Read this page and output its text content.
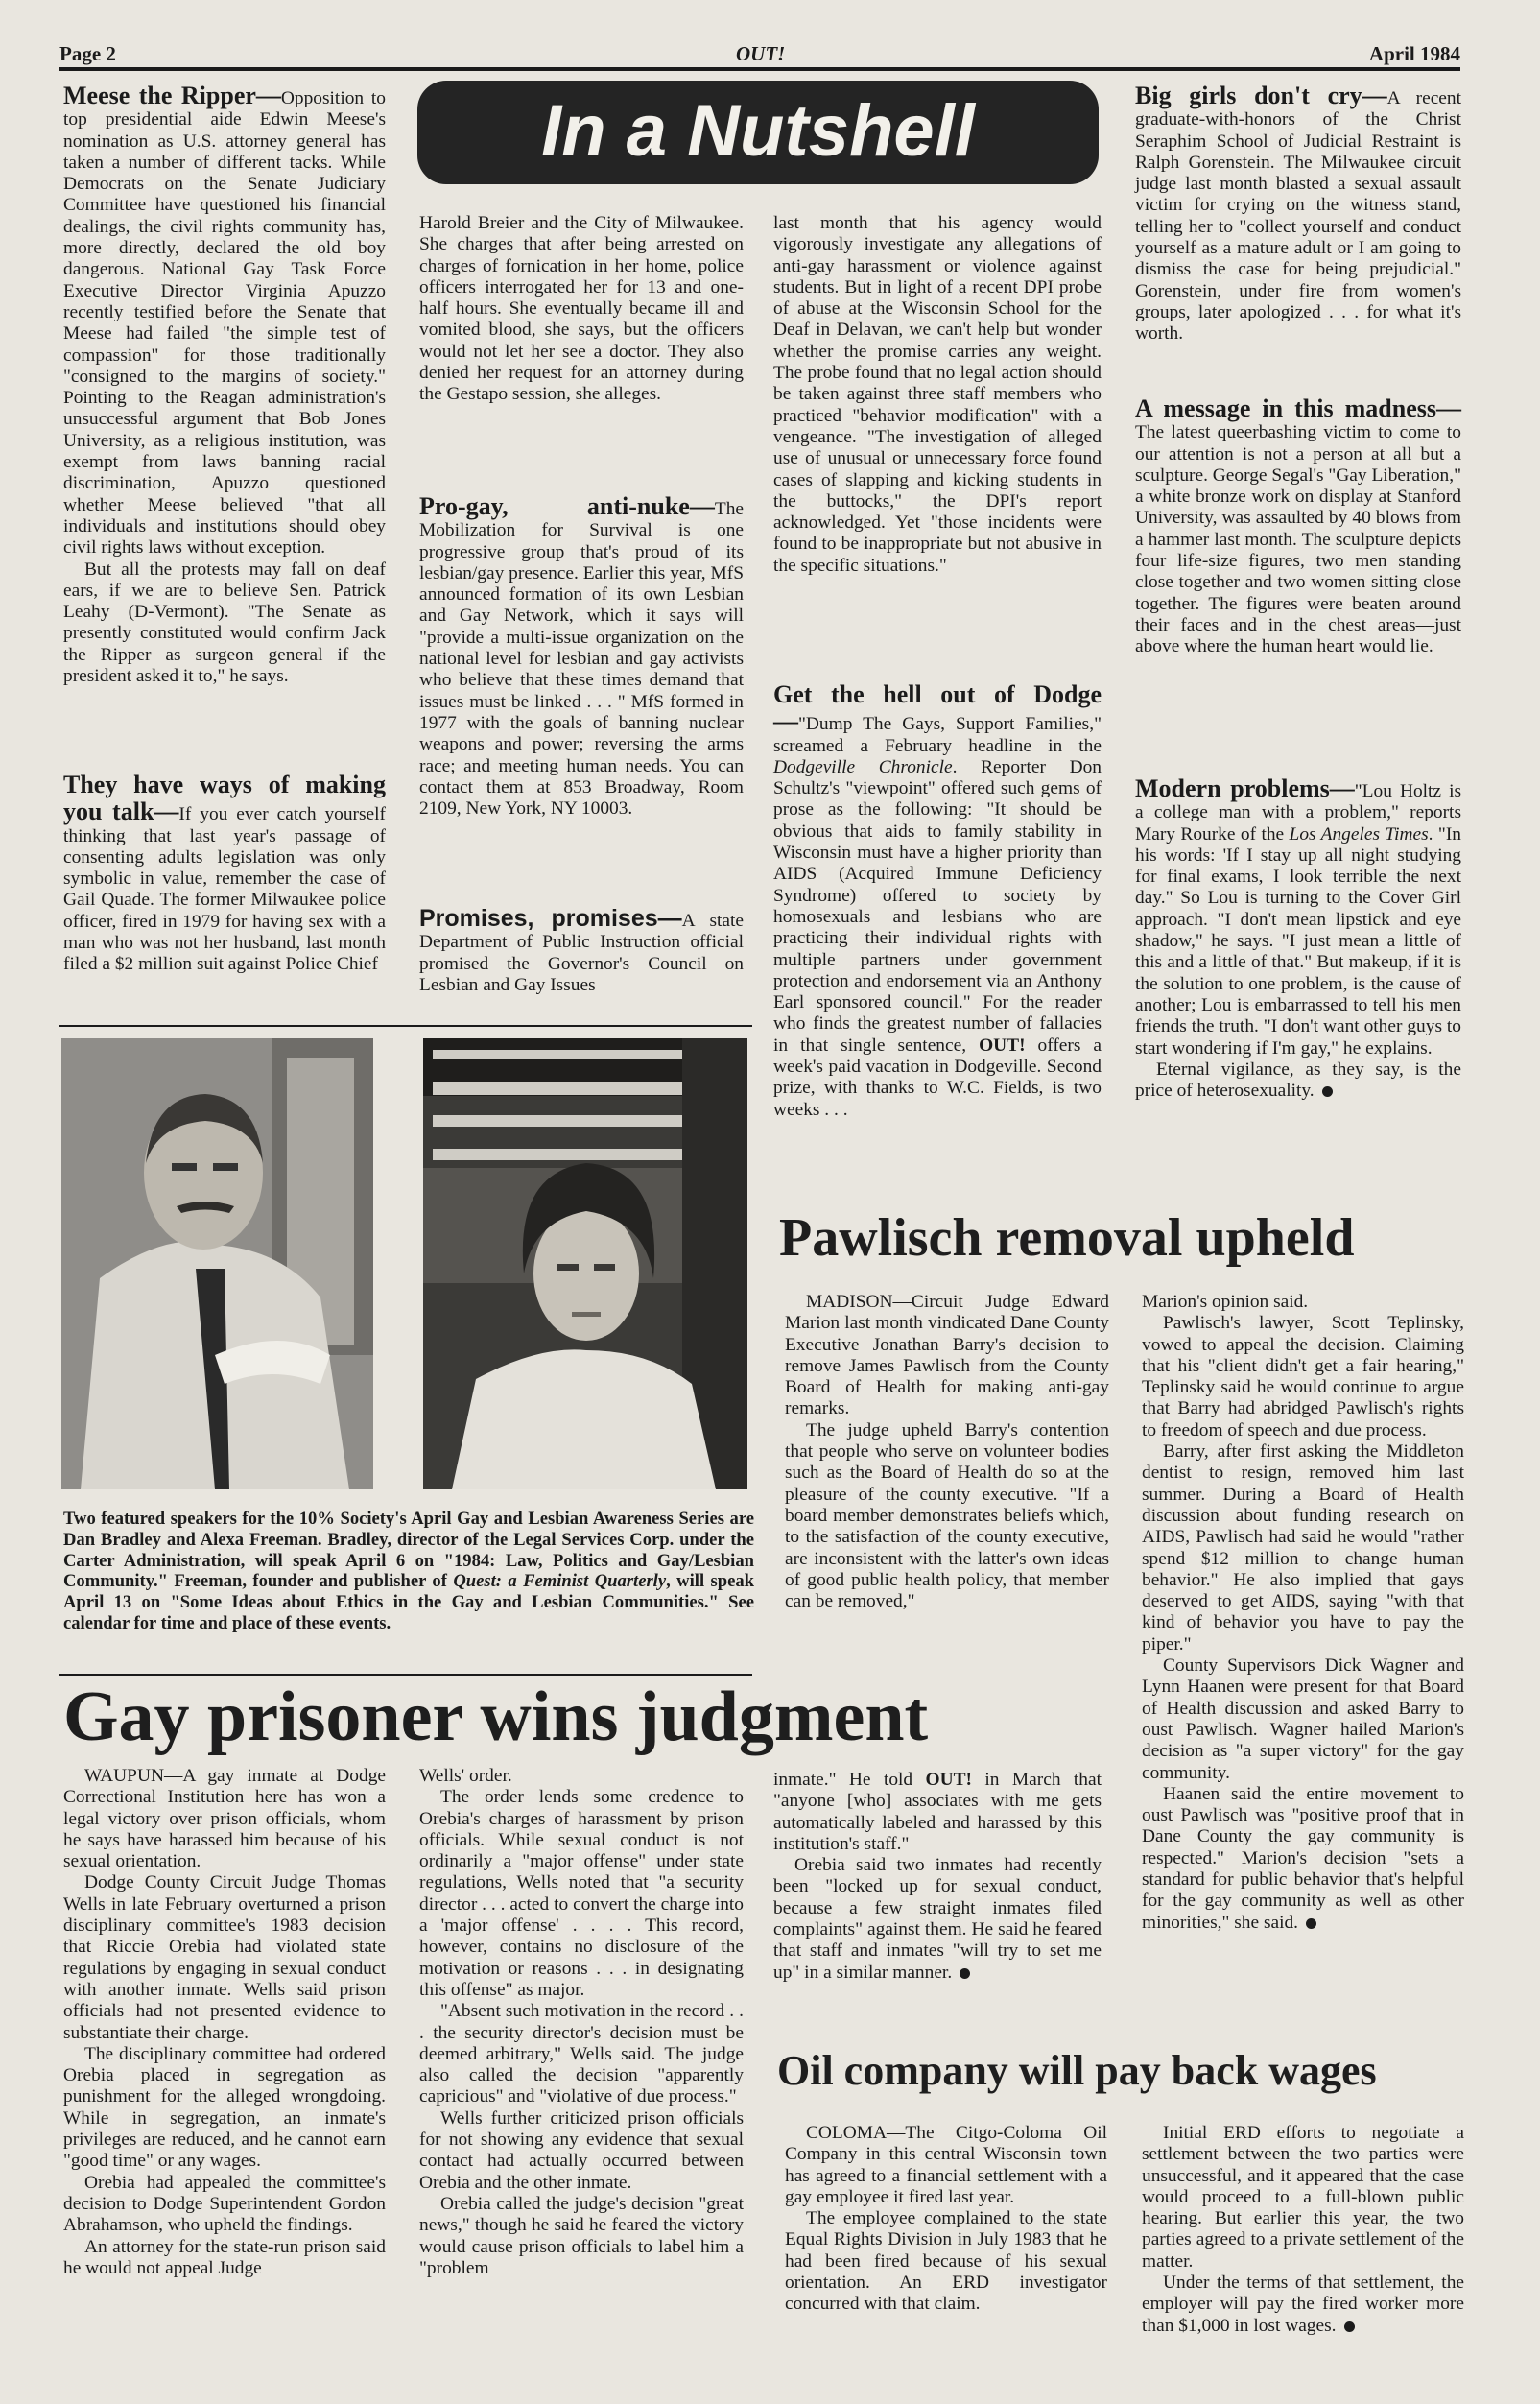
Page 2	OUT!	April 1984
In a Nutshell

Meese the Ripper—Opposition to top presidential aide Edwin Meese's nomination as U.S. attorney general has taken a number of different tacks. While Democrats on the Senate Judiciary Committee have questioned his financial dealings, the civil rights community has, more directly, declared the old boy dangerous. National Gay Task Force Executive Director Virginia Apuzzo recently testified before the Senate that Meese had failed "the simple test of compassion" for those traditionally "consigned to the margins of society." Pointing to the Reagan administration's unsuccessful argument that Bob Jones University, as a religious institution, was exempt from laws banning racial discrimination, Apuzzo questioned whether Meese believed "that all individuals and institutions should obey civil rights laws without exception.

But all the protests may fall on deaf ears, if we are to believe Sen. Patrick Leahy (D-Vermont). "The Senate as presently constituted would confirm Jack the Ripper as surgeon general if the president asked it to," he says.

They have ways of making you talk—If you ever catch yourself thinking that last year's passage of consenting adults legislation was only symbolic in value, remember the case of Gail Quade. The former Milwaukee police officer, fired in 1979 for having sex with a man who was not her husband, last month filed a $2 million suit against Police Chief

Harold Breier and the City of Milwaukee. She charges that after being arrested on charges of fornication in her home, police officers interrogated her for 13 and one-half hours. She eventually became ill and vomited blood, she says, but the officers would not let her see a doctor. They also denied her request for an attorney during the Gestapo session, she alleges.

Pro-gay, anti-nuke—The Mobilization for Survival is one progressive group that's proud of its lesbian/gay presence. Earlier this year, MfS announced formation of its own Lesbian and Gay Network, which it says will "provide a multi-issue organization on the national level for lesbian and gay activists who believe that these times demand that issues must be linked . . . " MfS formed in 1977 with the goals of banning nuclear weapons and power; reversing the arms race; and meeting human needs. You can contact them at 853 Broadway, Room 2109, New York, NY 10003.

Promises, promises—A state Department of Public Instruction official promised the Governor's Council on Lesbian and Gay Issues

last month that his agency would vigorously investigate any allegations of anti-gay harassment or violence against students. But in light of a recent DPI probe of abuse at the Wisconsin School for the Deaf in Delavan, we can't help but wonder whether the promise carries any weight. The probe found that no legal action should be taken against three staff members who practiced "behavior modification" with a vengeance. "The investigation of alleged use of unusual or unnecessary force found cases of slapping and kicking students in the buttocks," the DPI's report acknowledged. Yet "those incidents were found to be inappropriate but not abusive in the specific situations."

Get the hell out of Dodge—"Dump The Gays, Support Families," screamed a February headline in the Dodgeville Chronicle. Reporter Don Schultz's "viewpoint" offered such gems of prose as the following: "It should be obvious that aids to family stability in Wisconsin must have a higher priority than AIDS (Acquired Immune Deficiency Syndrome) offered to society by homosexuals and lesbians who are practicing their individual rights with multiple partners under government protection and endorsement via an Anthony Earl sponsored council." For the reader who finds the greatest number of fallacies in that single sentence, OUT! offers a week's paid vacation in Dodgeville. Second prize, with thanks to W.C. Fields, is two weeks . . .

Big girls don't cry—A recent graduate-with-honors of the Christ Seraphim School of Judicial Restraint is Ralph Gorenstein. The Milwaukee circuit judge last month blasted a sexual assault victim for crying on the witness stand, telling her to "collect yourself and conduct yourself as a mature adult or I am going to dismiss the case for being prejudicial." Gorenstein, under fire from women's groups, later apologized . . . for what it's worth.

A message in this madness—The latest queerbashing victim to come to our attention is not a person at all but a sculpture. George Segal's "Gay Liberation," a white bronze work on display at Stanford University, was assaulted by 40 blows from a hammer last month. The sculpture depicts four life-size figures, two men standing close together and two women sitting close together. The figures were beaten around their faces and in the chest areas—just above where the human heart would lie.

Modern problems—"Lou Holtz is a college man with a problem," reports Mary Rourke of the Los Angeles Times. "In his words: 'If I stay up all night studying for final exams, I look terrible the next day." So Lou is turning to the Cover Girl approach. "I don't mean lipstick and eye shadow," he says. "I just mean a little of this and a little of that." But makeup, if it is the solution to one problem, is the cause of another; Lou is embarrassed to tell his men friends the truth. "I don't want other guys to start wondering if I'm gay," he explains.

Eternal vigilance, as they say, is the price of heterosexuality.

Two featured speakers for the 10% Society's April Gay and Lesbian Awareness Series are Dan Bradley and Alexa Freeman. Bradley, director of the Legal Services Corp. under the Carter Administration, will speak April 6 on "1984: Law, Politics and Gay/Lesbian Community." Freeman, founder and publisher of Quest: a Feminist Quarterly, will speak April 13 on "Some Ideas about Ethics in the Gay and Lesbian Communities." See calendar for time and place of these events.
Pawlisch removal upheld

MADISON—Circuit Judge Edward Marion last month vindicated Dane County Executive Jonathan Barry's decision to remove James Pawlisch from the County Board of Health for making anti-gay remarks.

The judge upheld Barry's contention that people who serve on volunteer bodies such as the Board of Health do so at the pleasure of the county executive. "If a board member demonstrates beliefs which, to the satisfaction of the county executive, are inconsistent with the latter's own ideas of good public health policy, that member can be removed,"

Marion's opinion said.

Pawlisch's lawyer, Scott Teplinsky, vowed to appeal the decision. Claiming that his "client didn't get a fair hearing," Teplinsky said he would continue to argue that Barry had abridged Pawlisch's rights to freedom of speech and due process.

Barry, after first asking the Middleton dentist to resign, removed him last summer. During a Board of Health discussion about funding research on AIDS, Pawlisch had said he would "rather spend $12 million to change human behavior." He also implied that gays deserved to get AIDS, saying "with that kind of behavior you have to pay the piper."

County Supervisors Dick Wagner and Lynn Haanen were present for that Board of Health discussion and asked Barry to oust Pawlisch. Wagner hailed Marion's decision as "a super victory" for the gay community.

Haanen said the entire movement to oust Pawlisch was "positive proof that in Dane County the gay community is respected." Marion's decision "sets a standard for public behavior that's helpful for the gay community as well as other minorities," she said.

Gay prisoner wins judgment

WAUPUN—A gay inmate at Dodge Correctional Institution here has won a legal victory over prison officials, whom he says have harassed him because of his sexual orientation.

Dodge County Circuit Judge Thomas Wells in late February overturned a prison disciplinary committee's 1983 decision that Riccie Orebia had violated state regulations by engaging in sexual conduct with another inmate. Wells said prison officials had not presented evidence to substantiate their charge.

The disciplinary committee had ordered Orebia placed in segregation as punishment for the alleged wrongdoing. While in segregation, an inmate's privileges are reduced, and he cannot earn "good time" or any wages.

Orebia had appealed the committee's decision to Dodge Superintendent Gordon Abrahamson, who upheld the findings.

An attorney for the state-run prison said he would not appeal Judge

Wells' order.

The order lends some credence to Orebia's charges of harassment by prison officials. While sexual conduct is not ordinarily a "major offense" under state regulations, Wells noted that "a security director . . . acted to convert the charge into a 'major offense' . . . . This record, however, contains no disclosure of the motivation or reasons . . . in designating this offense" as major.

"Absent such motivation in the record . . . the security director's decision must be deemed arbitrary," Wells said. The judge also called the decision "apparently capricious" and "violative of due process."

Wells further criticized prison officials for not showing any evidence that sexual contact had actually occurred between Orebia and the other inmate.

Orebia called the judge's decision "great news," though he said he feared the victory would cause prison officials to label him a "problem

inmate." He told OUT! in March that "anyone [who] associates with me gets automatically labeled and harassed by this institution's staff."

Orebia said two inmates had recently been "locked up for sexual conduct, because a few straight inmates filed complaints" against them. He said he feared that staff and inmates "will try to set me up" in a similar manner.

Oil company will pay back wages

COLOMA—The Citgo-Coloma Oil Company in this central Wisconsin town has agreed to a financial settlement with a gay employee it fired last year.

The employee complained to the state Equal Rights Division in July 1983 that he had been fired because of his sexual orientation. An ERD investigator concurred with that claim.

Initial ERD efforts to negotiate a settlement between the two parties were unsuccessful, and it appeared that the case would proceed to a full-blown public hearing. But earlier this year, the two parties agreed to a private settlement of the matter.

Under the terms of that settlement, the employer will pay the fired worker more than $1,000 in lost wages.
